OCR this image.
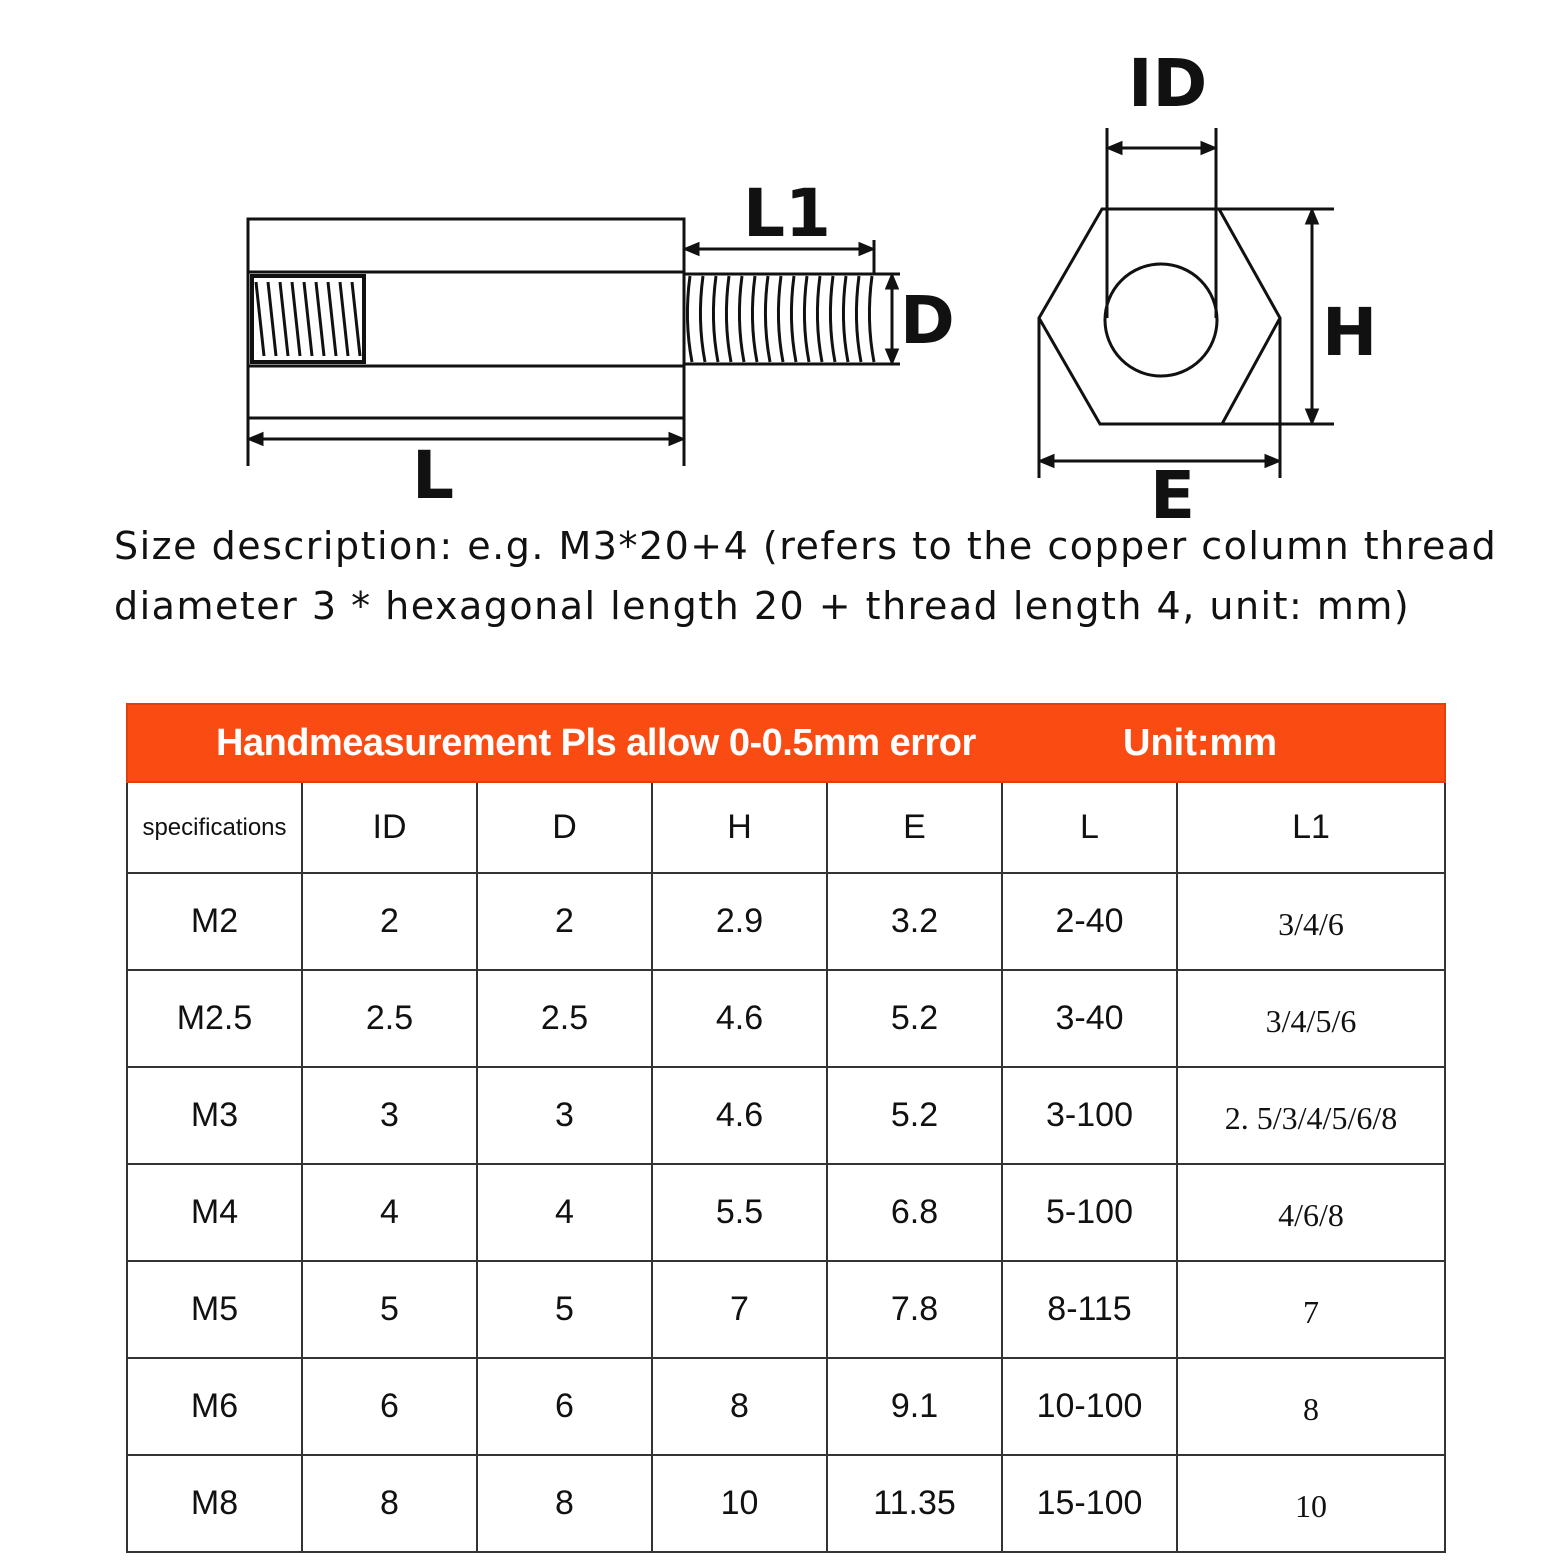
ID
L1
D	H
L	E

Size description: e.g. M3*20+4 (refers to the copper column thread
diameter 3 * hexagonal length 20 + thread length 4, unit: mm)

Handmeasurement Pls allow 0-0.5mm error Unit:mm						

specifications	ID	D	H	E	L	L1
M2	2	2	2.9	3.2	2-40	3/4/6
M2.5	2.5	2.5	4.6	5.2	3-40	3/4/5/6
M3	3	3	4.6	5.2	3-100	2. 5/3/4/5/6/8
M4	4	4	5.5	6.8	5-100	4/6/8
M5	5	5	7	7.8	8-115	7
M6	6	6	8	9.1	10-100	8
M8	8	8	10	11.35	15-100	10
